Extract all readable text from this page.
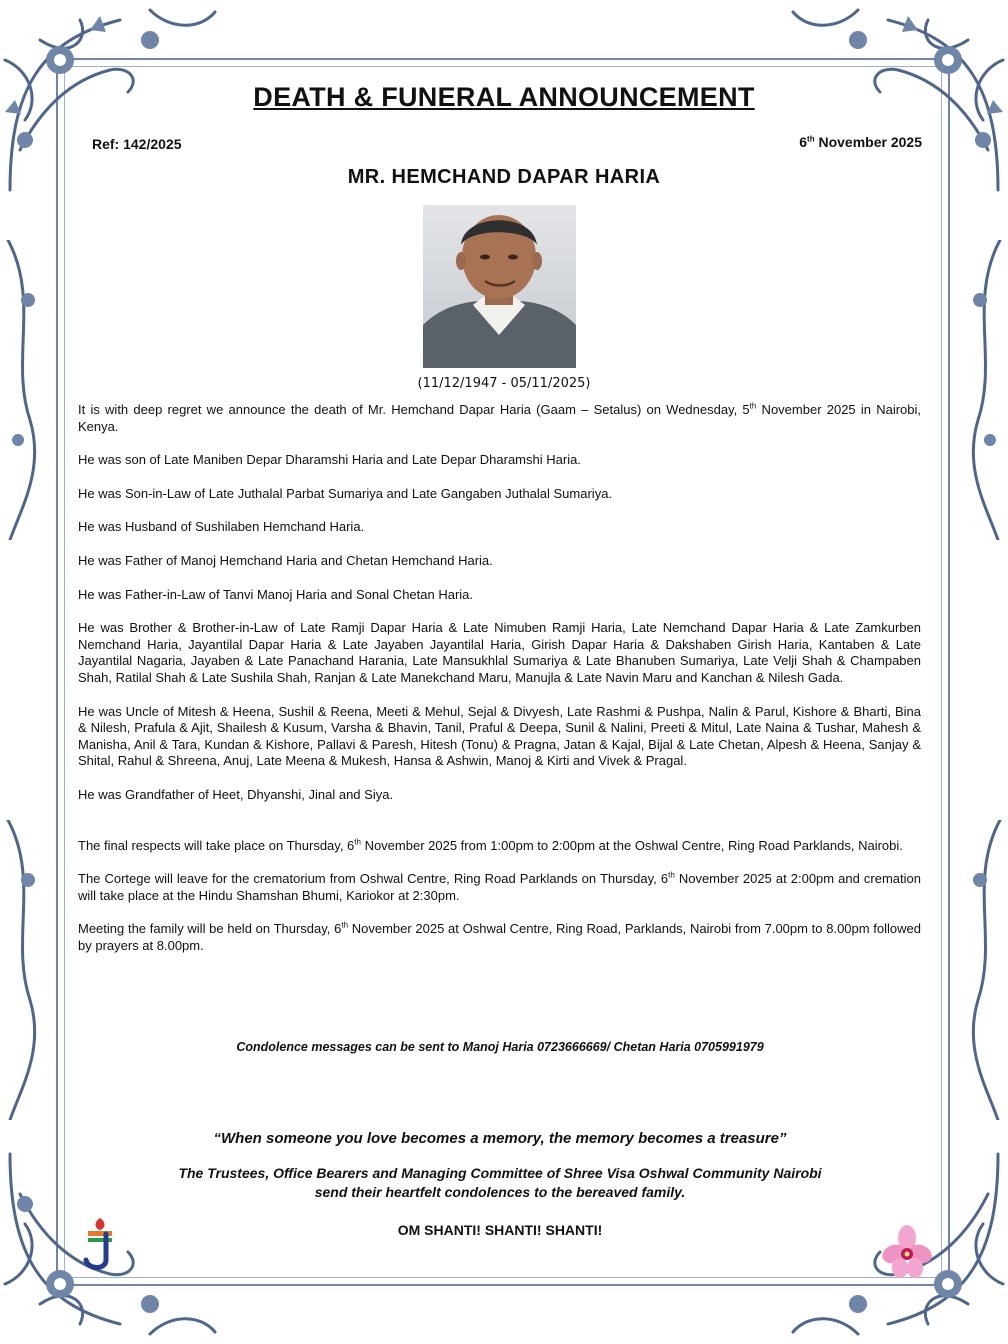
DEATH & FUNERAL ANNOUNCEMENT
Ref: 142/2025	6th November 2025
MR. HEMCHAND DAPAR HARIA
(11/12/1947 - 05/11/2025)

It is with deep regret we announce the death of Mr. Hemchand Dapar Haria (Gaam – Setalus) on Wednesday, 5th November 2025 in Nairobi, Kenya.

He was son of Late Maniben Depar Dharamshi Haria and Late Depar Dharamshi Haria.

He was Son-in-Law of Late Juthalal Parbat Sumariya and Late Gangaben Juthalal Sumariya.

He was Husband of Sushilaben Hemchand Haria.

He was Father of Manoj Hemchand Haria and Chetan Hemchand Haria.

He was Father-in-Law of Tanvi Manoj Haria and Sonal Chetan Haria.

He was Brother & Brother-in-Law of Late Ramji Dapar Haria & Late Nimuben Ramji Haria, Late Nemchand Dapar Haria & Late Zamkurben Nemchand Haria, Jayantilal Dapar Haria & Late Jayaben Jayantilal Haria, Girish Dapar Haria & Dakshaben Girish Haria, Kantaben & Late Jayantilal Nagaria, Jayaben & Late Panachand Harania, Late Mansukhlal Sumariya & Late Bhanuben Sumariya, Late Velji Shah & Champaben Shah, Ratilal Shah & Late Sushila Shah, Ranjan & Late Manekchand Maru, Manujla & Late Navin Maru and Kanchan & Nilesh Gada.

He was Uncle of Mitesh & Heena, Sushil & Reena, Meeti & Mehul, Sejal & Divyesh, Late Rashmi & Pushpa, Nalin & Parul, Kishore & Bharti, Bina & Nilesh, Prafula & Ajit, Shailesh & Kusum, Varsha & Bhavin, Tanil, Praful & Deepa, Sunil & Nalini, Preeti & Mitul, Late Naina & Tushar, Mahesh & Manisha, Anil & Tara, Kundan & Kishore, Pallavi & Paresh, Hitesh (Tonu) & Pragna, Jatan & Kajal, Bijal & Late Chetan, Alpesh & Heena, Sanjay & Shital, Rahul & Shreena, Anuj, Late Meena & Mukesh, Hansa & Ashwin, Manoj & Kirti and Vivek & Pragal.

He was Grandfather of Heet, Dhyanshi, Jinal and Siya.

The final respects will take place on Thursday, 6th November 2025 from 1:00pm to 2:00pm at the Oshwal Centre, Ring Road Parklands, Nairobi.

The Cortege will leave for the crematorium from Oshwal Centre, Ring Road Parklands on Thursday, 6th November 2025 at 2:00pm and cremation will take place at the Hindu Shamshan Bhumi, Kariokor at 2:30pm.

Meeting the family will be held on Thursday, 6th November 2025 at Oshwal Centre, Ring Road, Parklands, Nairobi from 7.00pm to 8.00pm followed by prayers at 8.00pm.

Condolence messages can be sent to Manoj Haria 0723666669/ Chetan Haria 0705991979
“When someone you love becomes a memory, the memory becomes a treasure”
The Trustees, Office Bearers and Managing Committee of Shree Visa Oshwal Community Nairobi
send their heartfelt condolences to the bereaved family.
OM SHANTI! SHANTI! SHANTI!
